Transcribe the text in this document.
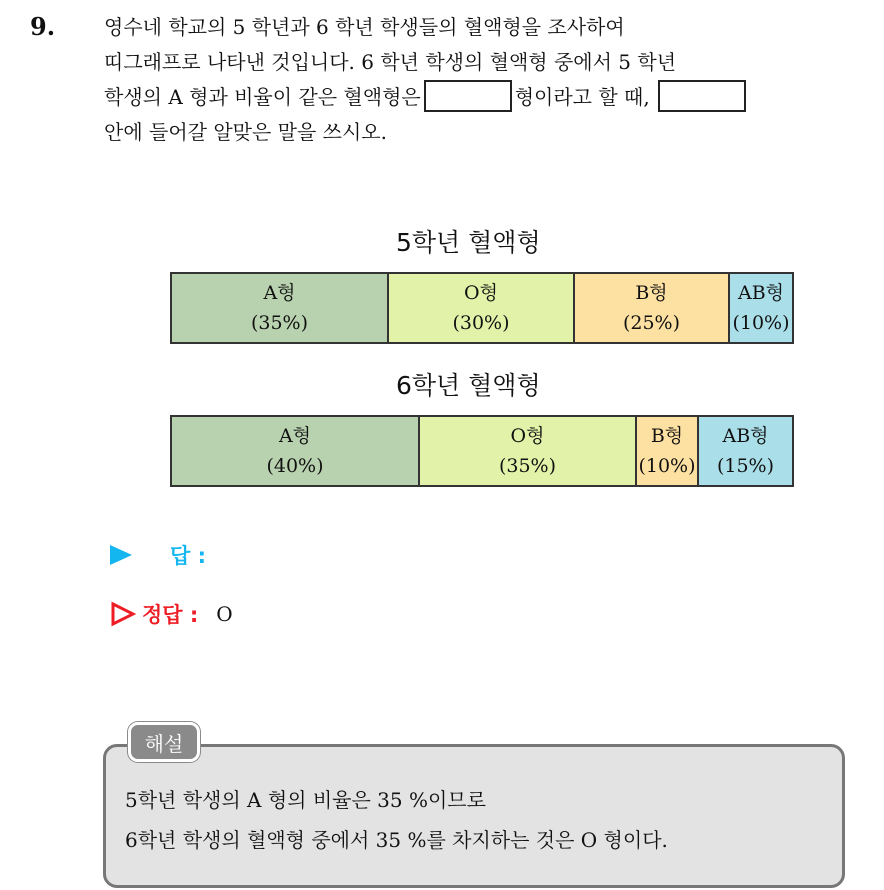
9. 영수네 학교의 5 학년과 6 학년 학생들의 혈액형을 조사하여

띠그래프로 나타낸 것입니다. 6 학년 학생의 혈액형 중에서 5 학년

학생의 A 형과 비율이 같은 혈액형은	형이라고 할 때,

안에 들어갈 알맞은 말을 쓰시오.

5학년 혈액형
A형
(35%)
O형
(30%)
B형
(25%)
AB형
(10%)
6학년 혈액형
A형
(40%)
O형
(35%)
B형
(10%)
AB형
(15%)
답 :
정답 : O
해설

5학년 학생의 A 형의 비율은 35 %이므로

6학년 학생의 혈액형 중에서 35 %를 차지하는 것은 O 형이다.
